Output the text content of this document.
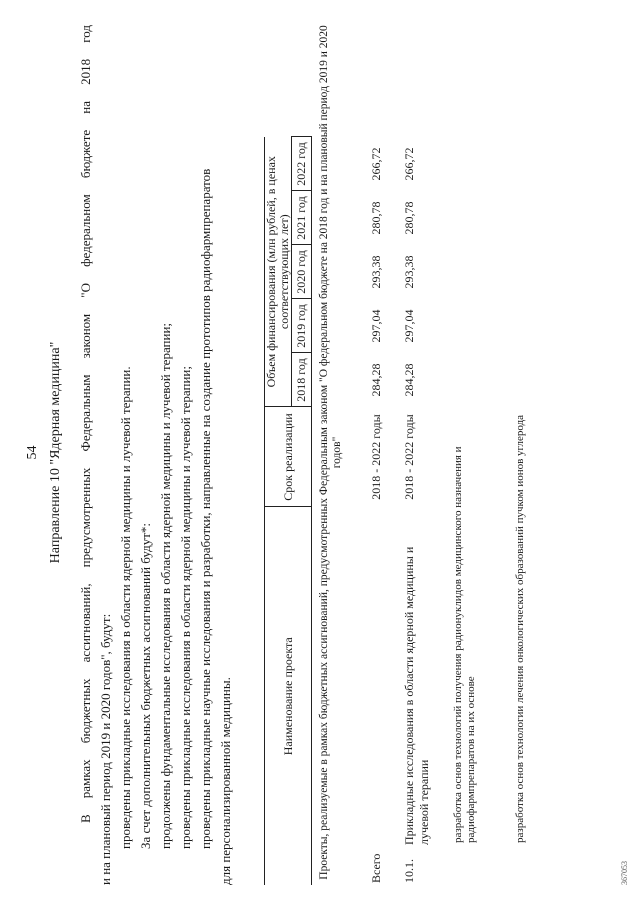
54 Направление 10 "Ядерная медицина" В рамках бюджетных ассигнований, предусмотренных Федеральным законом "О федеральном бюджете на 2018 год и на плановый период 2019 и 2020 годов", будут: проведены прикладные исследования в области ядерной медицины и лучевой терапии. За счет дополнительных бюджетных ассигнований будут*: продолжены фундаментальные исследования в области ядерной медицины и лучевой терапии; проведены прикладные исследования в области ядерной медицины и лучевой терапии; проведены прикладные научные исследования и разработки, направленные на создание прототипов радиофармпрепаратов для персонализированной медицины.	Наименование проекта		Срок реализации	Объем финансирования (млн рублей, в ценах соответствующих лет)					
			2018 год	2019 год	2020 год	2021 год	2022 год	
Проекты, реализуемые в рамках бюджетных ассигнований, предусмотренных Федеральным законом "О федеральном бюджете на 2018 год и на плановый период 2019 и 2020 годов"								
Всего		2018 - 2022 годы	284,28	297,04	293,38	280,78	266,72	
10.1.	Прикладные исследования в области ядерной медицины и лучевой терапии	2018 - 2022 годы	284,28	297,04	293,38	280,78	266,72	
	разработка основ технологий получения радионуклидов медицинского назначения и радиофармпрепаратов на их основе							
	разработка основ технологии лечения онкологических образований пучком ионов углерода							
367053
